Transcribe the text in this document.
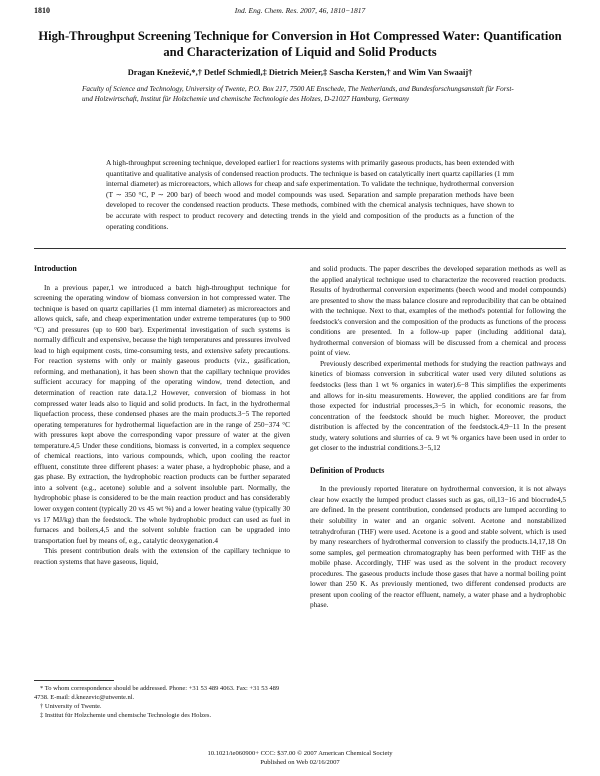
1810	Ind. Eng. Chem. Res. 2007, 46, 1810−1817
High-Throughput Screening Technique for Conversion in Hot Compressed Water: Quantification and Characterization of Liquid and Solid Products

Dragan Knežević,*,† Detlef Schmiedl,‡ Dietrich Meier,‡ Sascha Kersten,† and Wim Van Swaaij†

Faculty of Science and Technology, University of Twente, P.O. Box 217, 7500 AE Enschede, The Netherlands, and Bundesforschungsanstalt für Forst- und Holzwirtschaft, Institut für Holzchemie und chemische Technologie des Holzes, D-21027 Hamburg, Germany

A high-throughput screening technique, developed earlier1 for reactions systems with primarily gaseous products, has been extended with quantitative and qualitative analysis of condensed reaction products. The technique is based on catalytically inert quartz capillaries (1 mm internal diameter) as microreactors, which allows for cheap and safe experimentation. To validate the technique, hydrothermal conversion (T ∼ 350 °C, P ∼ 200 bar) of beech wood and model compounds was used. Separation and sample preparation methods have been developed to recover the condensed reaction products. These methods, combined with the chemical analysis techniques, have shown to be accurate with respect to product recovery and detecting trends in the yield and composition of the products as a function of the operating conditions.

Introduction

In a previous paper,1 we introduced a batch high-throughput technique for screening the operating window of biomass conversion in hot compressed water. The technique is based on quartz capillaries (1 mm internal diameter) as microreactors and allows quick, safe, and cheap experimentation under extreme temperatures (up to 900 °C) and pressures (up to 600 bar). Experimental investigation of such systems is normally difficult and expensive, because the high temperatures and pressures involved lead to high equipment costs, time-consuming tests, and extensive safety precautions. For reaction systems with only or mainly gaseous products (viz., gasification, reforming, and methanation), it has been shown that the capillary technique provides sufficient accuracy for mapping of the operating window, trend detection, and determination of reaction rate data.1,2 However, conversion of biomass in hot compressed water leads also to liquid and solid products. In fact, in the hydrothermal liquefaction process, these condensed phases are the main products.3−5 The reported operating temperatures for hydrothermal liquefaction are in the range of 250−374 °C with pressures kept above the corresponding vapor pressure of water at the given temperature.4,5 Under these conditions, biomass is converted, in a complex sequence of chemical reactions, into various compounds, which, upon cooling the reactor effluent, constitute three different phases: a water phase, a hydrophobic phase, and a gas phase. By extraction, the hydrophobic reaction products can be further separated into a solvent (e.g., acetone) soluble and a solvent insoluble part. Normally, the hydrophobic phase is considered to be the main reaction product and has considerably lower oxygen content (typically 20 vs 45 wt %) and a lower heating value (typically 30 vs 17 MJ/kg) than the feedstock. The whole hydrophobic product can used as fuel in furnaces and boilers,4,5 and the solvent soluble fraction can be upgraded into transportation fuel by means of, e.g., catalytic deoxygenation.4

This present contribution deals with the extension of the capillary technique to reaction systems that have gaseous, liquid,

and solid products. The paper describes the developed separation methods as well as the applied analytical technique used to characterize the recovered reaction products. Results of hydrothermal conversion experiments (beech wood and model compounds) are presented to show the mass balance closure and reproducibility that can be obtained with the technique. Next to that, examples of the method's potential for following the feedstock's conversion and the composition of the products as functions of the process conditions are presented. In a follow-up paper (including additional data), hydrothermal conversion of biomass will be discussed from a chemical and process point of view.

Previously described experimental methods for studying the reaction pathways and kinetics of biomass conversion in subcritical water used very diluted solutions as feedstocks (less than 1 wt % organics in water).6−8 This simplifies the experiments and allows for in-situ measurements. However, the applied conditions are far from those expected for industrial processes,3−5 in which, for economic reasons, the concentration of the feedstock should be much higher. Moreover, the product distribution is affected by the concentration of the feedstock.4,9−11 In the present study, watery solutions and slurries of ca. 9 wt % organics have been used in order to get closer to the industrial conditions.3−5,12

Definition of Products

In the previously reported literature on hydrothermal conversion, it is not always clear how exactly the lumped product classes such as gas, oil,13−16 and biocrude4,5 are defined. In the present contribution, condensed products are lumped according to their solubility in water and an organic solvent. Acetone and nonstabilized tetrahydrofuran (THF) were used. Acetone is a good and stable solvent, which is used by many researchers of hydrothermal conversion to classify the products.14,17,18 On some samples, gel permeation chromatography has been performed with THF as the mobile phase. Accordingly, THF was used as the solvent in the product recovery procedures. The gaseous products include those gases that have a normal boiling point lower than 250 K. As previously mentioned, two different condensed products are present upon cooling of the reactor effluent, namely, a water phase and a hydrophobic phase.

* To whom correspondence should be addressed. Phone: +31 53 489 4063. Fax: +31 53 489 4738. E-mail: d.knezevic@utwente.nl.

† University of Twente.

‡ Institut für Holzchemie und chemische Technologie des Holzes.

10.1021/ie060900+ CCC: $37.00 © 2007 American Chemical Society

Published on Web 02/16/2007
